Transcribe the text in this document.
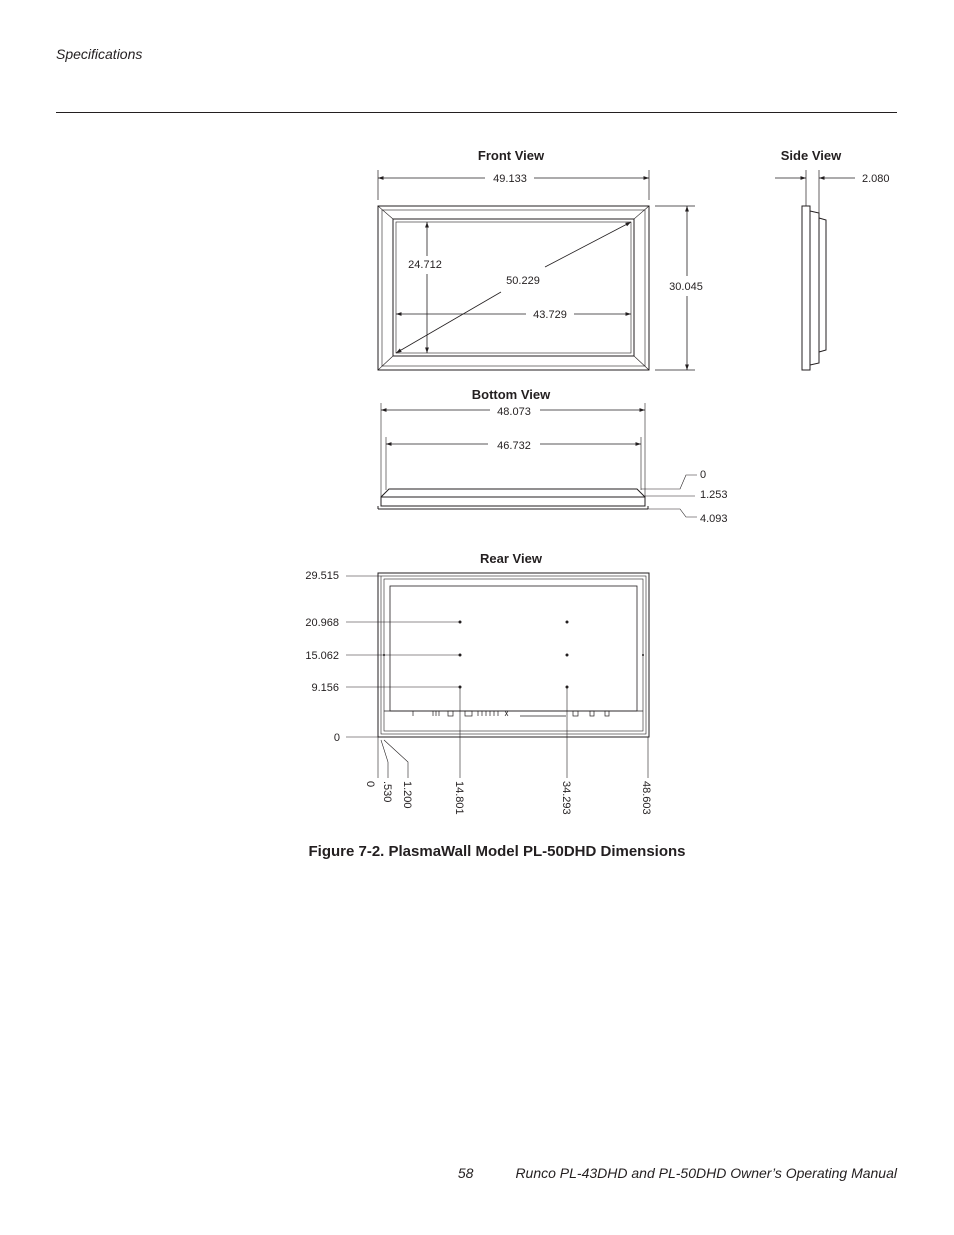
Specifications
Front View	Side View
Bottom View
Rear View
49.133
30.045
24.712
50.229
43.729
2.080
48.073
46.732
0
1.253
4.093
29.515
20.968
15.062
9.156
0
0 .530 1.200	14.801	34.293	48.603
Figure 7-2. PlasmaWall Model PL-50DHD Dimensions
58	Runco PL-43DHD and PL-50DHD Owner’s Operating Manual
